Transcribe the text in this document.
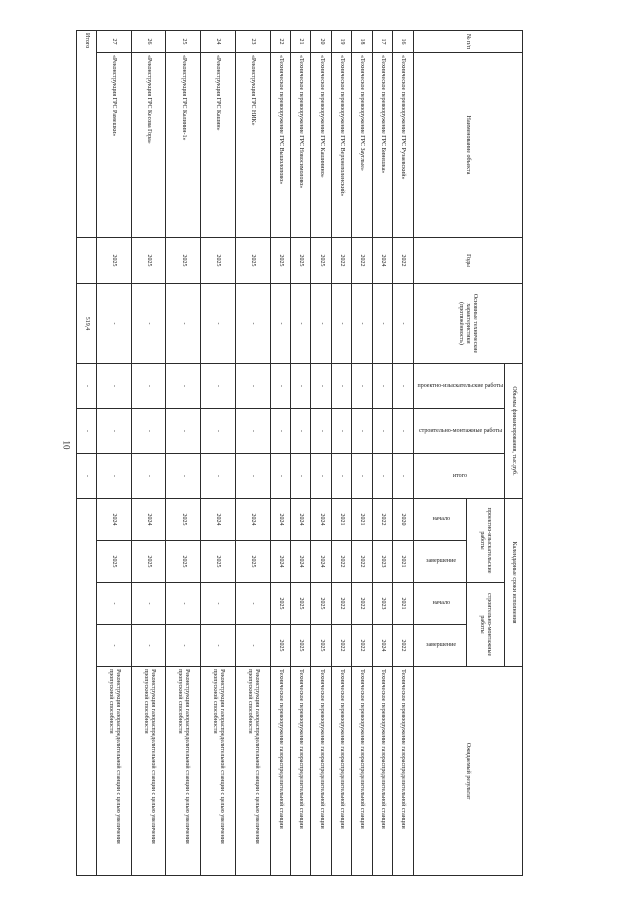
10
№ п/п	Наименование объекта	Годы	Основные технические характеристики (протяжённость)	Объемы финансирования, тыс.руб.			Календарные сроки исполнения				Ожидаемый результат
				проектно-изыскательские работы	строительно-монтажные работы	итого	проектно-изыскательские работы		строительно-монтажные работы		
							начало	завершение	начало	завершение	
16	«Техническое перевооружение ГРС Рузаевский»	2022	-	-	-	-	2020	2021	2021	2022	Техническое перевооружение газораспределительной станции
17	«Техническое перевооружение ГРС Бинешка»	2024	-	-	-	-	2022	2023	2023	2024	Техническое перевооружение газораспределительной станции
18	«Техническое перевооружение ГРС Зауглые»	2022	-	-	-	-	2021	2022	2022	2022	Техническое перевооружение газораспределительной станции
19	«Техническое перевооружение ГРС Верхнеполенский»	2022	-	-	-	-	2021	2022	2022	2022	Техническое перевооружение газораспределительной станции
20	«Техническое перевооружение ГРС Кашинино»	2025	-	-	-	-	2024	2024	2025	2025	Техническое перевооружение газораспределительной станции
21	«Техническое перевооружение ГРС Новосимолово»	2025	-	-	-	-	2024	2024	2025	2025	Техническое перевооружение газораспределительной станции
22	«Техническое перевооружение ГРС Вышолопово»	2025	-	-	-	-	2024	2024	2025	2025	Техническое перевооружение газораспределительной станции
23	«Реконструкция ГРС НИК»	2025	-	-	-	-	2024	2025	-	-	Реконструкция газораспределительной станции с целью увеличения пропускной способности
24	«Реконструкция ГРС Кашин»	2025	-	-	-	-	2024	2025	-	-	Реконструкция газораспределительной станции с целью увеличения пропускной способности
25	«Реконструкция ГРС Калинин-1»	2025	-	-	-	-	2025	2025	-	-	Реконструкция газораспределительной станции с целью увеличения пропускной способности
26	«Реконструкция ГРС Кесова Гора»	2025	-	-	-	-	2024	2025	-	-	Реконструкция газораспределительной станции с целью увеличения пропускной способности
27	«Реконструкция ГРС Рамешки»	2025	-	-	-	-	2024	2025	-	-	Реконструкция газораспределительной станции с целью увеличения пропускной способности
Итого			519,4	-	-	-					
